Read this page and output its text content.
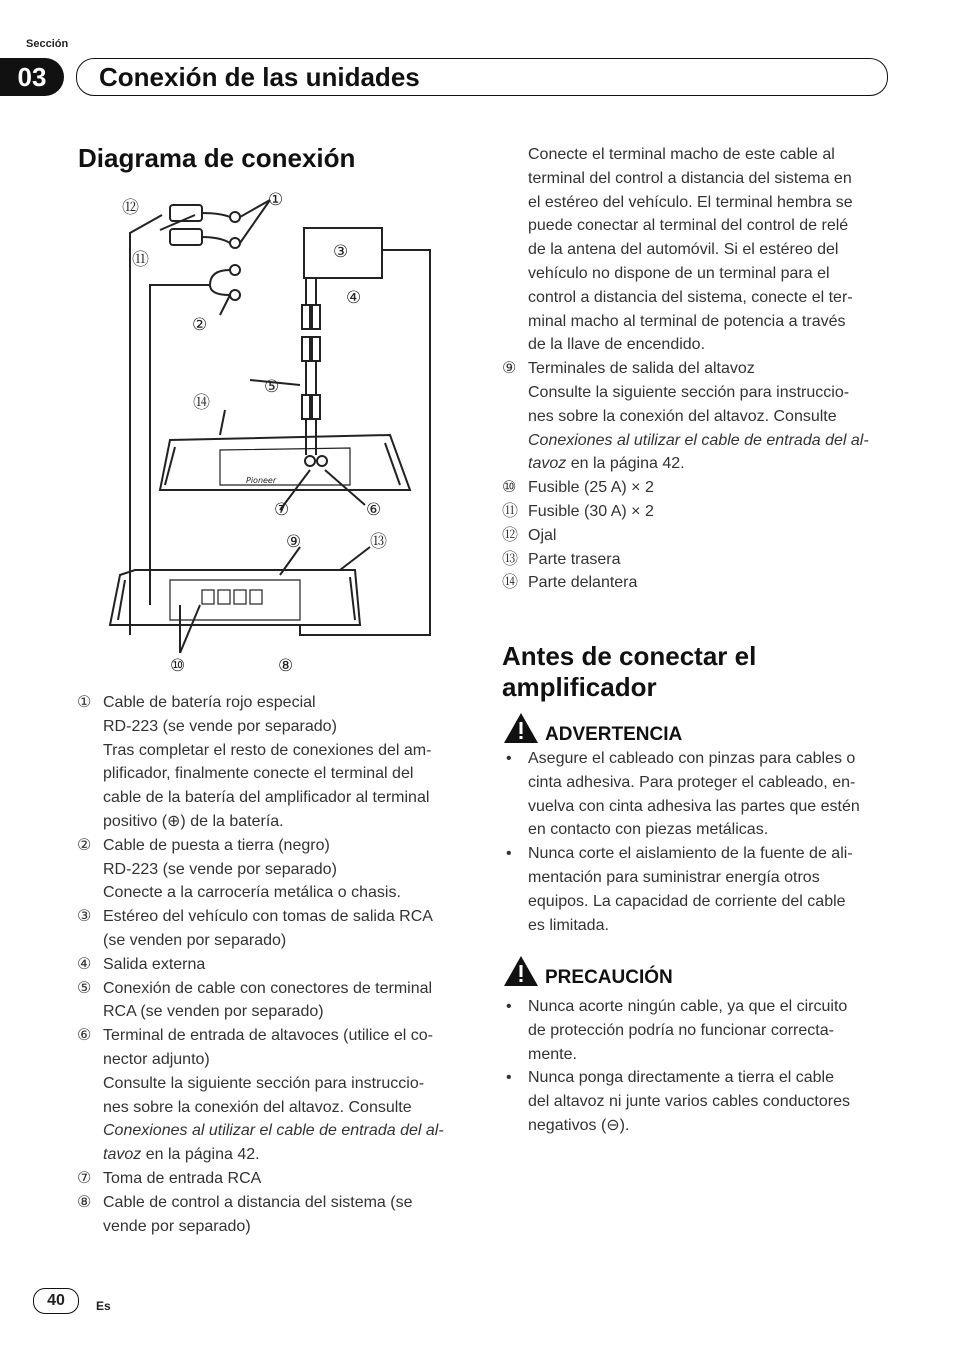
Sección
03	Conexión de las unidades
Diagrama de conexión
⑫
⑪
①
③
④
②
⑤
⑭
⑦	⑥
⑨	⑬
⑩	⑧
Pioneer
① Cable de batería rojo especial

RD-223 (se vende por separado)

Tras completar el resto de conexiones del am-

plificador, finalmente conecte el terminal del

cable de la batería del amplificador al terminal

positivo (⊕) de la batería.

② Cable de puesta a tierra (negro)

RD-223 (se vende por separado)

Conecte a la carrocería metálica o chasis.

③ Estéreo del vehículo con tomas de salida RCA

(se venden por separado)

④ Salida externa

⑤ Conexión de cable con conectores de terminal

RCA (se venden por separado)

⑥ Terminal de entrada de altavoces (utilice el co-

nector adjunto)

Consulte la siguiente sección para instruccio-

nes sobre la conexión del altavoz. Consulte

Conexiones al utilizar el cable de entrada del al-

tavoz en la página 42.

⑦ Toma de entrada RCA

⑧ Cable de control a distancia del sistema (se

vende por separado)

Conecte el terminal macho de este cable al

terminal del control a distancia del sistema en

el estéreo del vehículo. El terminal hembra se

puede conectar al terminal del control de relé

de la antena del automóvil. Si el estéreo del

vehículo no dispone de un terminal para el

control a distancia del sistema, conecte el ter-

minal macho al terminal de potencia a través

de la llave de encendido.

⑨ Terminales de salida del altavoz

Consulte la siguiente sección para instruccio-

nes sobre la conexión del altavoz. Consulte

Conexiones al utilizar el cable de entrada del al-

tavoz en la página 42.

⑩ Fusible (25 A) × 2

⑪ Fusible (30 A) × 2

⑫ Ojal

⑬ Parte trasera

⑭ Parte delantera

Antes de conectar el
amplificador
ADVERTENCIA
• Asegure el cableado con pinzas para cables o
cinta adhesiva. Para proteger el cableado, en-
vuelva con cinta adhesiva las partes que estén
en contacto con piezas metálicas.
• Nunca corte el aislamiento de la fuente de ali-
mentación para suministrar energía otros
equipos. La capacidad de corriente del cable
es limitada.
PRECAUCIÓN
• Nunca acorte ningún cable, ya que el circuito
de protección podría no funcionar correcta-
mente.
• Nunca ponga directamente a tierra el cable
del altavoz ni junte varios cables conductores
negativos (⊖).
40	Es
